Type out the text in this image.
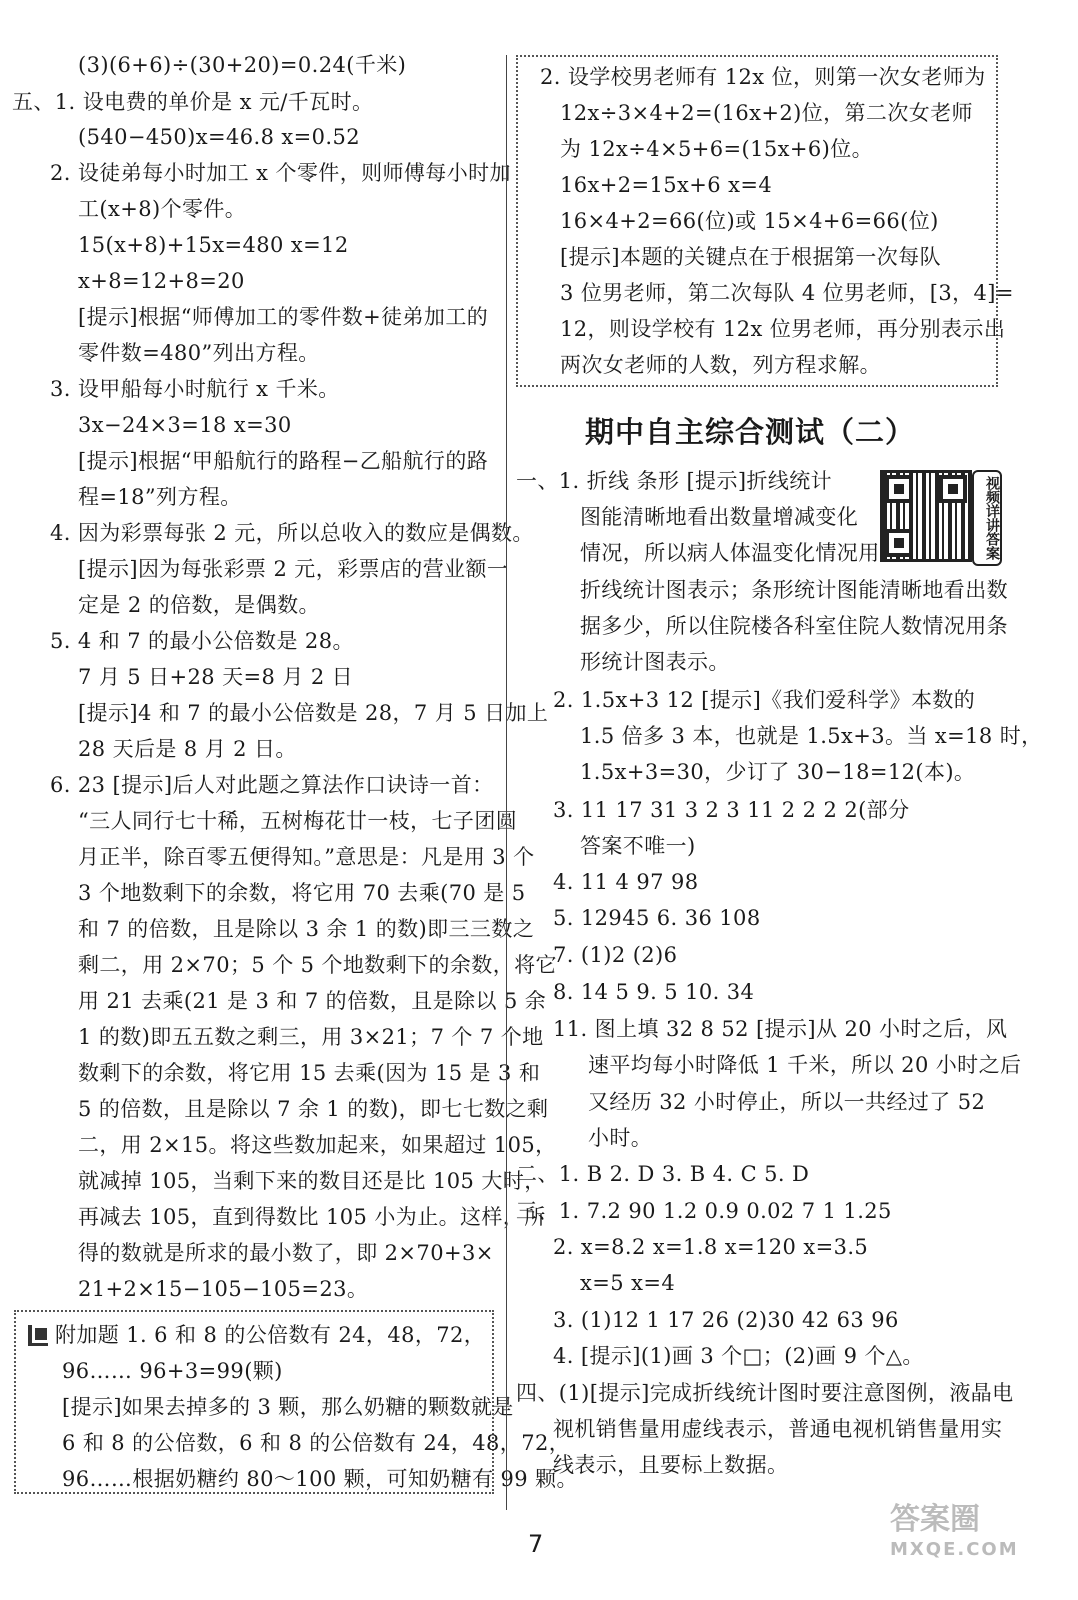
(3)(6+6)÷(30+20)=0.24(千米)
五、1. 设电费的单价是 x 元/千瓦时。
(540−450)x=46.8 x=0.52
2. 设徒弟每小时加工 x 个零件，则师傅每小时加
工(x+8)个零件。
15(x+8)+15x=480 x=12
x+8=12+8=20
[提示]根据“师傅加工的零件数+徒弟加工的
零件数=480”列出方程。
3. 设甲船每小时航行 x 千米。
3x−24×3=18 x=30
[提示]根据“甲船航行的路程−乙船航行的路
程=18”列方程。
4. 因为彩票每张 2 元，所以总收入的数应是偶数。
[提示]因为每张彩票 2 元，彩票店的营业额一
定是 2 的倍数，是偶数。
5. 4 和 7 的最小公倍数是 28。
7 月 5 日+28 天=8 月 2 日
[提示]4 和 7 的最小公倍数是 28，7 月 5 日加上
28 天后是 8 月 2 日。
6. 23 [提示]后人对此题之算法作口诀诗一首：
“三人同行七十稀，五树梅花廿一枝，七子团圆
月正半，除百零五便得知。”意思是：凡是用 3 个
3 个地数剩下的余数，将它用 70 去乘(70 是 5
和 7 的倍数，且是除以 3 余 1 的数)即三三数之
剩二，用 2×70；5 个 5 个地数剩下的余数，将它
用 21 去乘(21 是 3 和 7 的倍数，且是除以 5 余
1 的数)即五五数之剩三，用 3×21；7 个 7 个地
数剩下的余数，将它用 15 去乘(因为 15 是 3 和
5 的倍数，且是除以 7 余 1 的数)，即七七数之剩
二，用 2×15。将这些数加起来，如果超过 105，
就减掉 105，当剩下来的数目还是比 105 大时，
再减去 105，直到得数比 105 小为止。这样，所
得的数就是所求的最小数了，即 2×70+3×
21+2×15−105−105=23。
附加题 1. 6 和 8 的公倍数有 24，48，72，
96…… 96+3=99(颗)
[提示]如果去掉多的 3 颗，那么奶糖的颗数就是
6 和 8 的公倍数，6 和 8 的公倍数有 24，48，72，
96……根据奶糖约 80～100 颗，可知奶糖有 99 颗。
2. 设学校男老师有 12x 位，则第一次女老师为
12x÷3×4+2=(16x+2)位，第二次女老师
为 12x÷4×5+6=(15x+6)位。
16x+2=15x+6 x=4
16×4+2=66(位)或 15×4+6=66(位)
[提示]本题的关键点在于根据第一次每队
3 位男老师，第二次每队 4 位男老师，[3，4]=
12，则设学校有 12x 位男老师，再分别表示出
两次女老师的人数，列方程求解。
期中自主综合测试（二）
视频详讲答案
一、1. 折线 条形 [提示]折线统计
图能清晰地看出数量增减变化
情况，所以病人体温变化情况用
折线统计图表示；条形统计图能清晰地看出数
据多少，所以住院楼各科室住院人数情况用条
形统计图表示。
2. 1.5x+3 12 [提示]《我们爱科学》本数的
1.5 倍多 3 本，也就是 1.5x+3。当 x=18 时，
1.5x+3=30，少订了 30−18=12(本)。
3. 11 17 31 3 2 3 11 2 2 2 2(部分
答案不唯一)
4. 11 4 97 98
5. 12945 6. 36 108
7. (1)2 (2)6
8. 14 5 9. 5 10. 34
11. 图上填 32 8 52 [提示]从 20 小时之后，风
速平均每小时降低 1 千米，所以 20 小时之后
又经历 32 小时停止，所以一共经过了 52
小时。
二、1. B 2. D 3. B 4. C 5. D
三、1. 7.2 90 1.2 0.9 0.02 7 1 1.25
2. x=8.2 x=1.8 x=120 x=3.5
x=5 x=4
3. (1)12 1 17 26 (2)30 42 63 96
4. [提示](1)画 3 个□；(2)画 9 个△。
四、(1)[提示]完成折线统计图时要注意图例，液晶电
视机销售量用虚线表示，普通电视机销售量用实
线表示，且要标上数据。
7
答案圈
MXQE.COM
